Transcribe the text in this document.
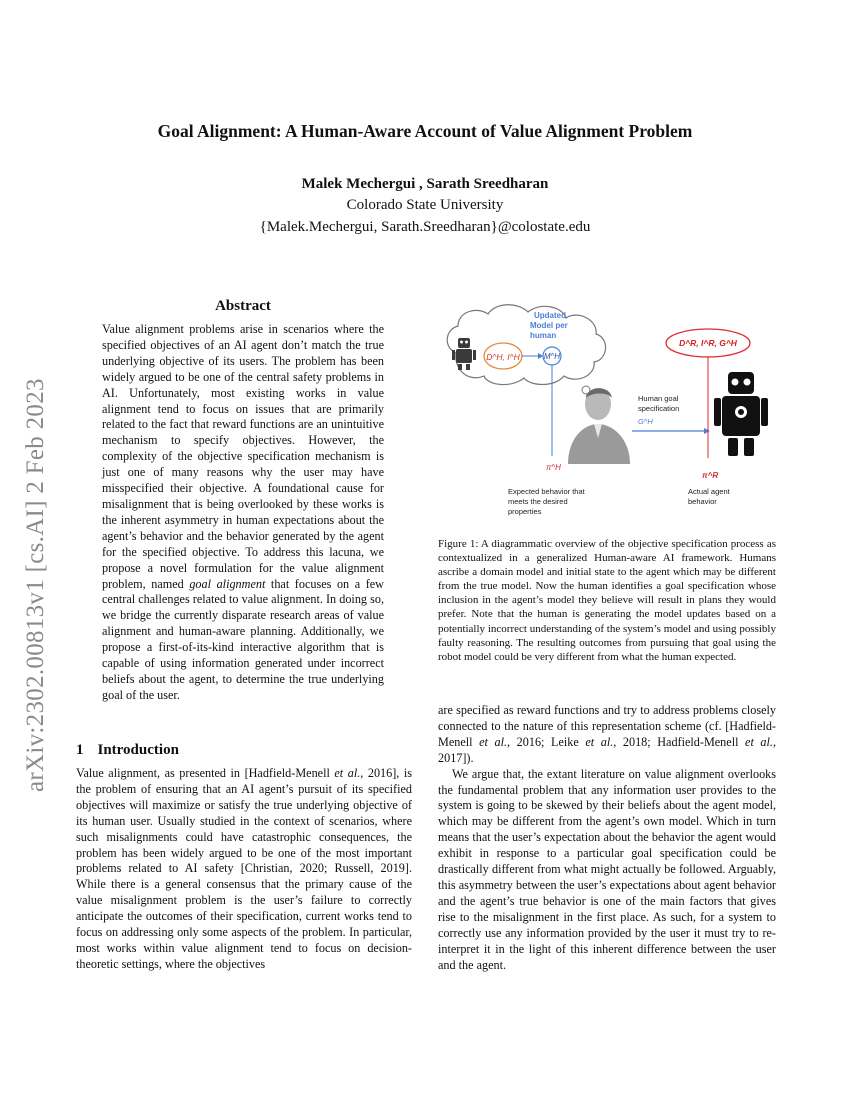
arXiv:2302.00813v1 [cs.AI] 2 Feb 2023
Goal Alignment: A Human-Aware Account of Value Alignment Problem
Malek Mechergui , Sarath Sreedharan
Colorado State University
{Malek.Mechergui, Sarath.Sreedharan}@colostate.edu
Abstract

Value alignment problems arise in scenarios where the specified objectives of an AI agent don’t match the true underlying objective of its users. The problem has been widely argued to be one of the central safety problems in AI. Unfortunately, most existing works in value alignment tend to focus on issues that are primarily related to the fact that reward functions are an unintuitive mechanism to specify objectives. However, the complexity of the objective specification mechanism is just one of many reasons why the user may have misspecified their objective. A foundational cause for misalignment that is being overlooked by these works is the inherent asymmetry in human expectations about the agent’s behavior and the behavior generated by the agent for the specified objective. To address this lacuna, we propose a novel formulation for the value alignment problem, named goal alignment that focuses on a few central challenges related to value alignment. In doing so, we bridge the currently disparate research areas of value alignment and human-aware planning. Additionally, we propose a first-of-its-kind interactive algorithm that is capable of using information generated under incorrect beliefs about the agent, to determine the true underlying goal of the user.

1 Introduction

Value alignment, as presented in [Hadfield-Menell et al., 2016], is the problem of ensuring that an AI agent’s pursuit of its specified objectives will maximize or satisfy the true underlying objective of its human user. Usually studied in the context of scenarios, where such misalignments could have catastrophic consequences, the problem has been widely argued to be one of the most important problems related to AI safety [Christian, 2020; Russell, 2019]. While there is a general consensus that the primary cause of the value misalignment problem is the user’s failure to correctly anticipate the outcomes of their specification, current works tend to focus on addressing only some aspects of the problem. In particular, most works within value alignment tend to focus on decision-theoretic settings, where the objectives

D^H, I^H	M^H
Updated Model per human
π^H
Human goal specification
G^H
D^R, I^R, G^H
π^R
Expected behavior that meets the desired properties
Actual agent behavior

Figure 1: A diagrammatic overview of the objective specification process as contextualized in a generalized Human-aware AI framework. Humans ascribe a domain model and initial state to the agent which may be different from the true model. Now the human identifies a goal specification whose inclusion in the agent’s model they believe will result in plans they would prefer. Note that the human is generating the model updates based on a potentially incorrect understanding of the system’s model and using possibly faulty reasoning. The resulting outcomes from pursuing that goal using the robot model could be very different from what the human expected.

are specified as reward functions and try to address problems closely connected to the nature of this representation scheme (cf. [Hadfield-Menell et al., 2016; Leike et al., 2018; Hadfield-Menell et al., 2017]).
We argue that, the extant literature on value alignment overlooks the fundamental problem that any information user provides to the system is going to be skewed by their beliefs about the agent model, which may be different from the agent’s own model. Which in turn means that the user’s expectation about the behavior the agent would exhibit in response to a particular goal specification could be drastically different from what might actually be followed. Arguably, this asymmetry between the user’s expectations about agent behavior and the agent’s true behavior is one of the main factors that gives rise to the misalignment in the first place. As such, for a system to correctly use any information provided by the user it must try to re-interpret it in the light of this inherent difference between the user and the agent.
